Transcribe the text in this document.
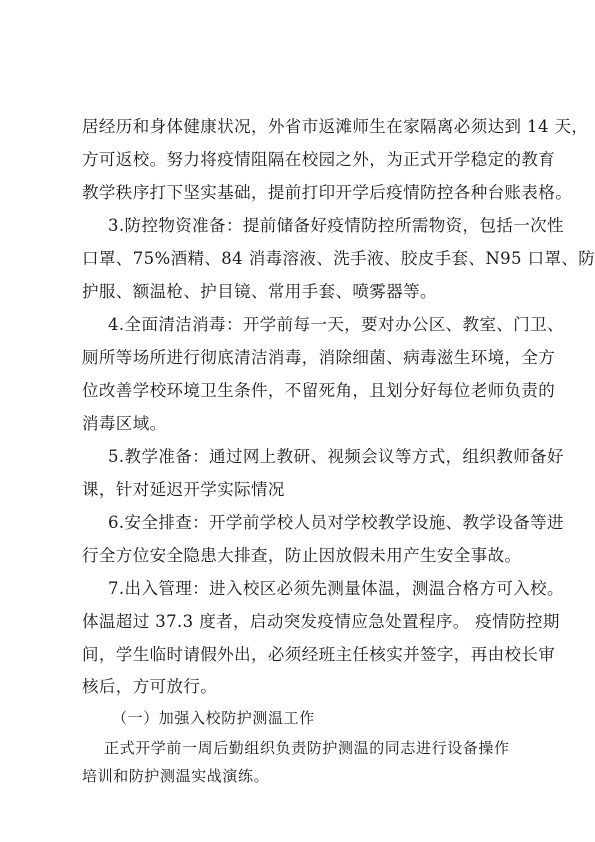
居经历和身体健康状况，外省市返滩师生在家隔离必须达到 14 天，
方可返校。努力将疫情阻隔在校园之外，为正式开学稳定的教育
教学秩序打下坚实基础，提前打印开学后疫情防控各种台账表格。
3.防控物资准备：提前储备好疫情防控所需物资，包括一次性
口罩、75%酒精、84 消毒溶液、洗手液、胶皮手套、N95 口罩、防
护服、额温枪、护目镜、常用手套、喷雾器等。
4.全面清洁消毒：开学前每一天，要对办公区、教室、门卫、
厕所等场所进行彻底清洁消毒，消除细菌、病毒滋生环境，全方
位改善学校环境卫生条件，不留死角，且划分好每位老师负责的
消毒区域。
5.教学准备：通过网上教研、视频会议等方式，组织教师备好
课，针对延迟开学实际情况
6.安全排查：开学前学校人员对学校教学设施、教学设备等进
行全方位安全隐患大排查，防止因放假未用产生安全事故。
7.出入管理：进入校区必须先测量体温，测温合格方可入校。
体温超过 37.3 度者，启动突发疫情应急处置程序。 疫情防控期
间，学生临时请假外出，必须经班主任核实并签字，再由校长审
核后，方可放行。
（一）加强入校防护测温工作
正式开学前一周后勤组织负责防护测温的同志进行设备操作
培训和防护测温实战演练。
